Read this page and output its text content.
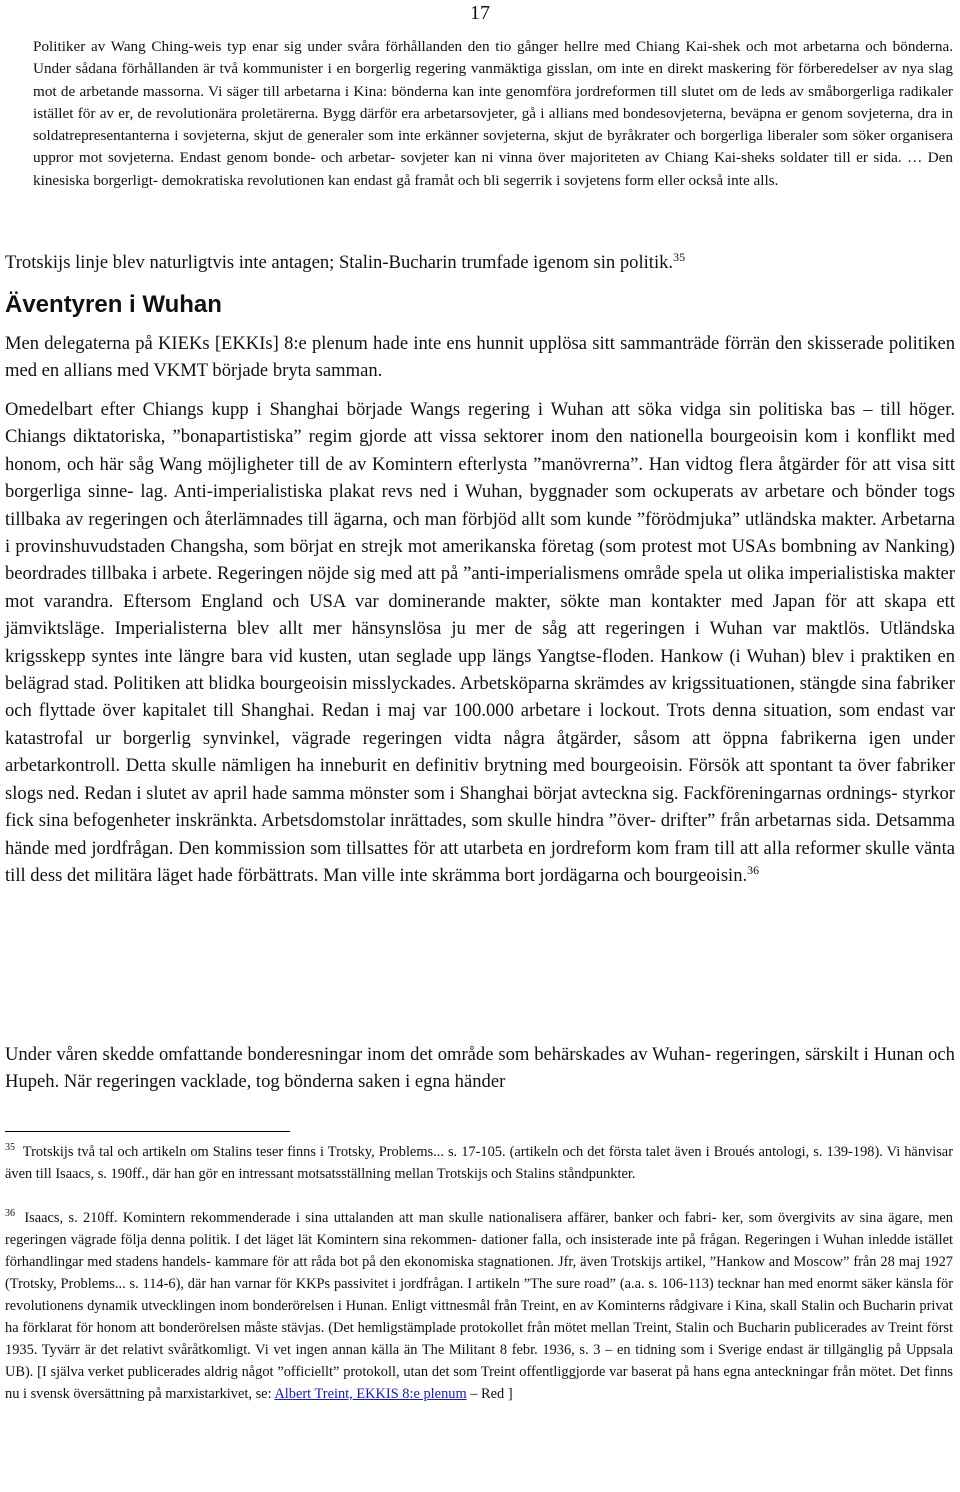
17

Politiker av Wang Ching-weis typ enar sig under svåra förhållanden den tio gånger hellre med Chiang Kai-shek och mot arbetarna och bönderna. Under sådana förhållanden är två kommunister i en borgerlig regering vanmäktiga gisslan, om inte en direkt maskering för förberedelser av nya slag mot de arbetande massorna. Vi säger till arbetarna i Kina: bönderna kan inte genomföra jordreformen till slutet om de leds av småborgerliga radikaler istället för av er, de revolutionära proletärerna. Bygg därför era arbetarsovjeter, gå i allians med bondesovjeterna, beväpna er genom sovjeterna, dra in soldatrepresentanterna i sovjeterna, skjut de generaler som inte erkänner sovjeterna, skjut de byråkrater och borgerliga liberaler som söker organisera uppror mot sovjeterna. Endast genom bonde- och arbetar- sovjeter kan ni vinna över majoriteten av Chiang Kai-sheks soldater till er sida. … Den kinesiska borgerligt- demokratiska revolutionen kan endast gå framåt och bli segerrik i sovjetens form eller också inte alls.

Trotskijs linje blev naturligtvis inte antagen; Stalin-Bucharin trumfade igenom sin politik.$^{35}$

Äventyren i Wuhan

Men delegaterna på KIEKs [EKKIs] 8:e plenum hade inte ens hunnit upplösa sitt sammanträde förrän den skisserade politiken med en allians med VKMT började bryta samman.

Omedelbart efter Chiangs kupp i Shanghai började Wangs regering i Wuhan att söka vidga sin politiska bas – till höger. Chiangs diktatoriska, ”bonapartistiska” regim gjorde att vissa sektorer inom den nationella bourgeoisin kom i konflikt med honom, och här såg Wang möjligheter till de av Komintern efterlysta ”manövrerna”. Han vidtog flera åtgärder för att visa sitt borgerliga sinne- lag. Anti-imperialistiska plakat revs ned i Wuhan, byggnader som ockuperats av arbetare och bönder togs tillbaka av regeringen och återlämnades till ägarna, och man förbjöd allt som kunde ”förödmjuka” utländska makter. Arbetarna i provinshuvudstaden Changsha, som börjat en strejk mot amerikanska företag (som protest mot USAs bombning av Nanking) beordrades tillbaka i arbete. Regeringen nöjde sig med att på ”anti-imperialismens område spela ut olika imperialistiska makter mot varandra. Eftersom England och USA var dominerande makter, sökte man kontakter med Japan för att skapa ett jämviktsläge. Imperialisterna blev allt mer hänsynslösa ju mer de såg att regeringen i Wuhan var maktlös. Utländska krigsskepp syntes inte längre bara vid kusten, utan seglade upp längs Yangtse-floden. Hankow (i Wuhan) blev i praktiken en belägrad stad. Politiken att blidka bourgeoisin misslyckades. Arbetsköparna skrämdes av krigssituationen, stängde sina fabriker och flyttade över kapitalet till Shanghai. Redan i maj var 100.000 arbetare i lockout. Trots denna situation, som endast var katastrofal ur borgerlig synvinkel, vägrade regeringen vidta några åtgärder, såsom att öppna fabrikerna igen under arbetarkontroll. Detta skulle nämligen ha inneburit en definitiv brytning med bourgeoisin. Försök att spontant ta över fabriker slogs ned. Redan i slutet av april hade samma mönster som i Shanghai börjat avteckna sig. Fackföreningarnas ordnings- styrkor fick sina befogenheter inskränkta. Arbetsdomstolar inrättades, som skulle hindra ”över- drifter” från arbetarnas sida. Detsamma hände med jordfrågan. Den kommission som tillsattes för att utarbeta en jordreform kom fram till att alla reformer skulle vänta till dess det militära läget hade förbättrats. Man ville inte skrämma bort jordägarna och bourgeoisin.$^{36}$

Under våren skedde omfattande bonderesningar inom det område som behärskades av Wuhan- regeringen, särskilt i Hunan och Hupeh. När regeringen vacklade, tog bönderna saken i egna händer

$^{35}$ Trotskijs två tal och artikeln om Stalins teser finns i Trotsky, Problems... s. 17-105. (artikeln och det första talet även i Broués antologi, s. 139-198). Vi hänvisar även till Isaacs, s. 190ff., där han gör en intressant motsatsställning mellan Trotskijs och Stalins ståndpunkter.

$^{36}$ Isaacs, s. 210ff. Komintern rekommenderade i sina uttalanden att man skulle nationalisera affärer, banker och fabri- ker, som övergivits av sina ägare, men regeringen vägrade följa denna politik. I det läget lät Komintern sina rekommen- dationer falla, och insisterade inte på frågan. Regeringen i Wuhan inledde istället förhandlingar med stadens handels- kammare för att råda bot på den ekonomiska stagnationen. Jfr, även Trotskijs artikel, ”Hankow and Moscow” från 28 maj 1927 (Trotsky, Problems... s. 114-6), där han varnar för KKPs passivitet i jordfrågan. I artikeln ”The sure road” (a.a. s. 106-113) tecknar han med enormt säker känsla för revolutionens dynamik utvecklingen inom bonderörelsen i Hunan. Enligt vittnesmål från Treint, en av Kominterns rådgivare i Kina, skall Stalin och Bucharin privat ha förklarat för honom att bonderörelsen måste stävjas. (Det hemligstämplade protokollet från mötet mellan Treint, Stalin och Bucharin publicerades av Treint först 1935. Tyvärr är det relativt svåråtkomligt. Vi vet ingen annan källa än The Militant 8 febr. 1936, s. 3 – en tidning som i Sverige endast är tillgänglig på Uppsala UB). [I själva verket publicerades aldrig något ”officiellt” protokoll, utan det som Treint offentliggjorde var baserat på hans egna anteckningar från mötet. Det finns nu i svensk översättning på marxistarkivet, se: Albert Treint, EKKIS 8:e plenum – Red ]
